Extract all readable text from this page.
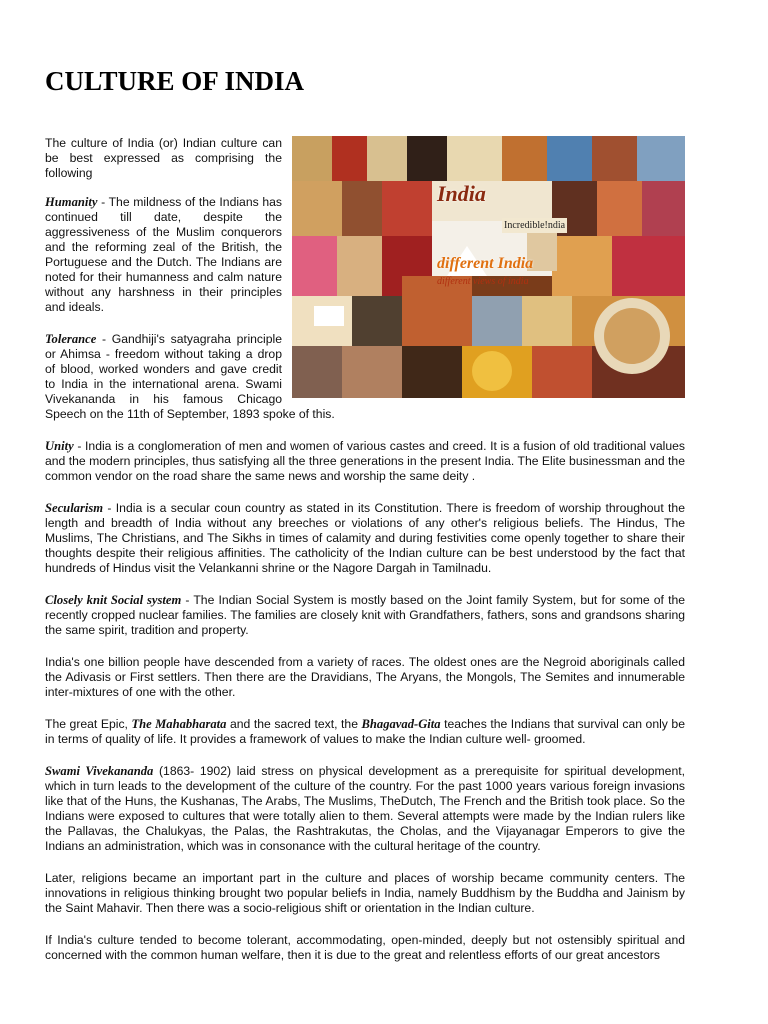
CULTURE OF INDIA
India
Incredible!ndia
different India
different views of india

The culture of India (or) Indian culture can be best expressed as comprising the following

Humanity - The mildness of the Indians has continued till date, despite the aggressiveness of the Muslim conquerors and the reforming zeal of the British, the Portuguese and the Dutch. The Indians are noted for their humanness and calm nature without any harshness in their principles and ideals.

Tolerance - Gandhiji's satyagraha principle or Ahimsa - freedom without taking a drop of blood, worked wonders and gave credit to India in the international arena. Swami Vivekananda in his famous Chicago Speech on the 11th of September, 1893 spoke of this.

Unity - India is a conglomeration of men and women of various castes and creed. It is a fusion of old traditional values and the modern principles, thus satisfying all the three generations in the present India. The Elite businessman and the common vendor on the road share the same news and worship the same deity .

Secularism - India is a secular coun country as stated in its Constitution. There is freedom of worship throughout the length and breadth of India without any breeches or violations of any other's religious beliefs. The Hindus, The Muslims, The Christians, and The Sikhs in times of calamity and during festivities come openly together to share their thoughts despite their religious affinities. The catholicity of the Indian culture can be best understood by the fact that hundreds of Hindus visit the Velankanni shrine or the Nagore Dargah in Tamilnadu.

Closely knit Social system - The Indian Social System is mostly based on the Joint family System, but for some of the recently cropped nuclear families. The families are closely knit with Grandfathers, fathers, sons and grandsons sharing the same spirit, tradition and property.

India's one billion people have descended from a variety of races. The oldest ones are the Negroid aboriginals called the Adivasis or First settlers. Then there are the Dravidians, The Aryans, the Mongols, The Semites and innumerable inter-mixtures of one with the other.

The great Epic, The Mahabharata and the sacred text, the Bhagavad-Gita teaches the Indians that survival can only be in terms of quality of life. It provides a framework of values to make the Indian culture well- groomed.

Swami Vivekananda (1863- 1902) laid stress on physical development as a prerequisite for spiritual development, which in turn leads to the development of the culture of the country. For the past 1000 years various foreign invasions like that of the Huns, the Kushanas, The Arabs, The Muslims, TheDutch, The French and the British took place. So the Indians were exposed to cultures that were totally alien to them. Several attempts were made by the Indian rulers like the Pallavas, the Chalukyas, the Palas, the Rashtrakutas, the Cholas, and the Vijayanagar Emperors to give the Indians an administration, which was in consonance with the cultural heritage of the country.

Later, religions became an important part in the culture and places of worship became community centers. The innovations in religious thinking brought two popular beliefs in India, namely Buddhism by the Buddha and Jainism by the Saint Mahavir. Then there was a socio-religious shift or orientation in the Indian culture.

If India's culture tended to become tolerant, accommodating, open-minded, deeply but not ostensibly spiritual and concerned with the common human welfare, then it is due to the great and relentless efforts of our great ancestors
